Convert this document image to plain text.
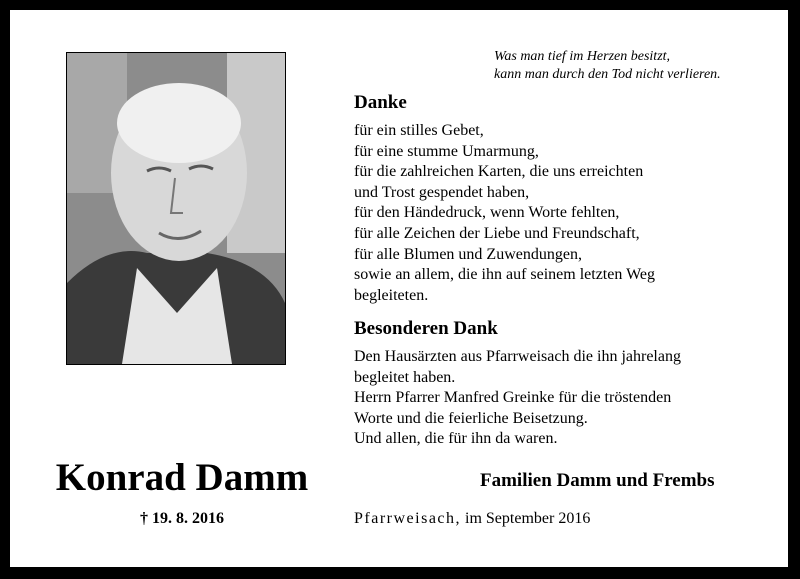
Was man tief im Herzen besitzt,
kann man durch den Tod nicht verlieren.
Danke
für ein stilles Gebet,
für eine stumme Umarmung,
für die zahlreichen Karten, die uns erreichten
und Trost gespendet haben,
für den Händedruck, wenn Worte fehlten,
für alle Zeichen der Liebe und Freundschaft,
für alle Blumen und Zuwendungen,
sowie an allem, die ihn auf seinem letzten Weg
begleiteten.
Besonderen Dank
Den Hausärzten aus Pfarrweisach die ihn jahrelang
begleitet haben.
Herrn Pfarrer Manfred Greinke für die tröstenden
Worte und die feierliche Beisetzung.
Und allen, die für ihn da waren.
Konrad Damm
† 19. 8. 2016
Familien Damm und Frembs
Pfarrweisach, im September 2016
